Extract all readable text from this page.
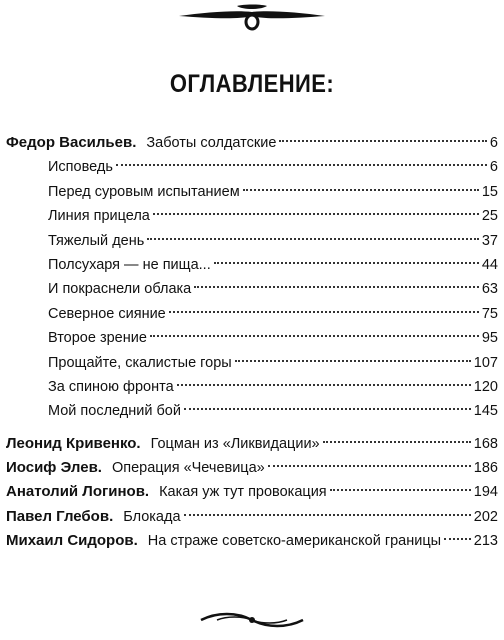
ОГЛАВЛЕНИЕ:
Федор Васильев. Заботы солдатские	6
Исповедь	6
Перед суровым испытанием	15
Линия прицела	25
Тяжелый день	37
Полсухаря — не пища...	44
И покраснели облака	63
Северное сияние	75
Второе зрение	95
Прощайте, скалистые горы	107
За спиною фронта	120
Мой последний бой	145
Леонид Кривенко. Гоцман из «Ликвидации»	168
Иосиф Элев. Операция «Чечевица»	186
Анатолий Логинов. Какая уж тут провокация	194
Павел Глебов. Блокада	202
Михаил Сидоров. На страже советско-американской границы 213
